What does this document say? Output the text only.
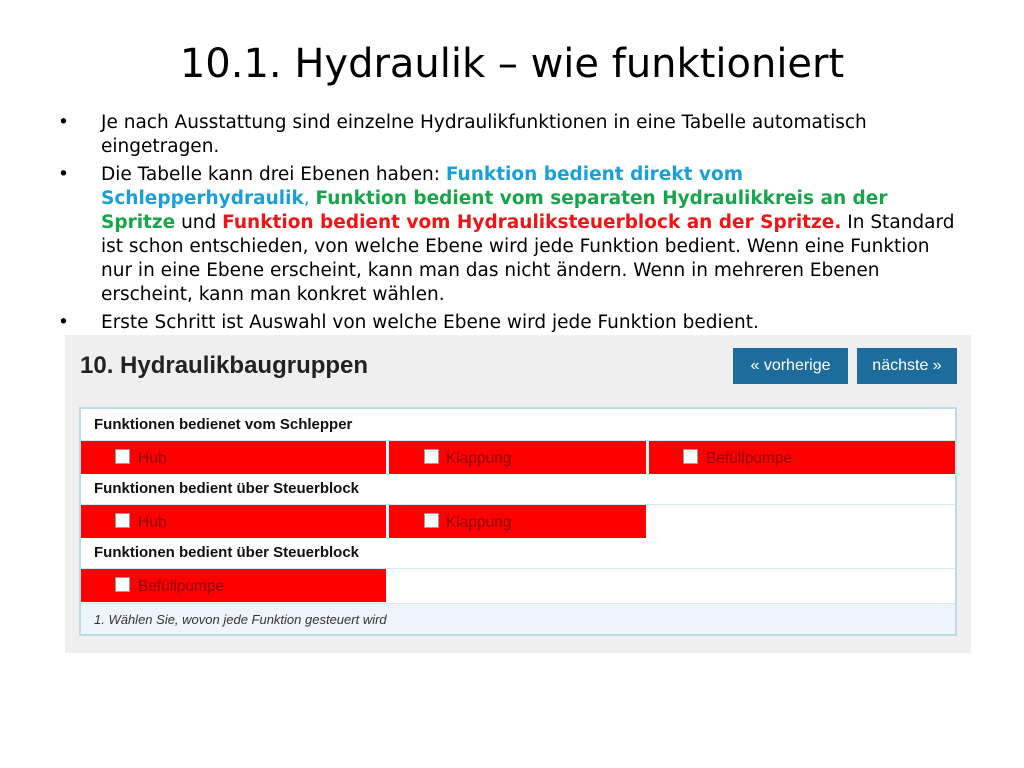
10.1. Hydraulik – wie funktioniert
• Je nach Ausstattung sind einzelne Hydraulikfunktionen in eine Tabelle automatisch eingetragen.
• Die Tabelle kann drei Ebenen haben: Funktion bedient direkt vom Schlepperhydraulik, Funktion bedient vom separaten Hydraulikkreis an der Spritze und Funktion bedient vom Hydrauliksteuerblock an der Spritze. In Standard ist schon entschieden, von welche Ebene wird jede Funktion bedient. Wenn eine Funktion nur in eine Ebene erscheint, kann man das nicht ändern. Wenn in mehreren Ebenen erscheint, kann man konkret wählen.
• Erste Schritt ist Auswahl von welche Ebene wird jede Funktion bedient.
10. Hydraulikbaugruppen	« vorherige	nächste »
Funktionen bedienet vom Schlepper
Hub	Klappung	Befüllpumpe
Funktionen bedient über Steuerblock
Hub	Klappung
Funktionen bedient über Steuerblock
Befüllpumpe
1. Wählen Sie, wovon jede Funktion gesteuert wird
